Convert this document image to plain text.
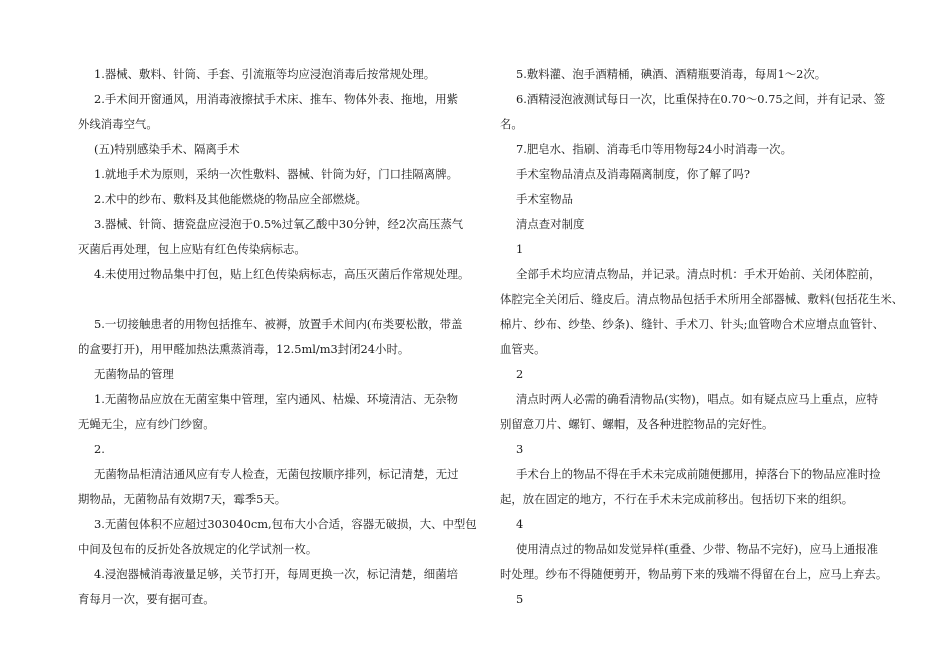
1.器械、敷料、针筒、手套、引流瓶等均应浸泡消毒后按常规处理。
2.手术间开窗通风，用消毒液擦拭手术床、推车、物体外表、拖地，用紫
外线消毒空气。
(五)特别感染手术、隔离手术
1.就地手术为原则，采纳一次性敷料、器械、针筒为好，门口挂隔离牌。
2.术中的纱布、敷料及其他能燃烧的物品应全部燃烧。
3.器械、针筒、搪瓷盘应浸泡于0.5%过氧乙酸中30分钟，经2次高压蒸气
灭菌后再处理，包上应贴有红色传染病标志。
4.未使用过物品集中打包，贴上红色传染病标志，高压灭菌后作常规处理。
5.一切接触患者的用物包括推车、被褥，放置手术间内(布类要松散，带盖
的盒要打开)，用甲醛加热法熏蒸消毒，12.5ml/m3封闭24小时。
无菌物品的管理
1.无菌物品应放在无菌室集中管理，室内通风、枯燥、环境清洁、无杂物
无蝇无尘，应有纱门纱窗。
2.
无菌物品柜清洁通风应有专人检查，无菌包按顺序排列，标记清楚，无过
期物品，无菌物品有效期7天，霉季5天。
3.无菌包体积不应超过303040cm,包布大小合适，容器无破损，大、中型包
中间及包布的反折处各放规定的化学试剂一枚。
4.浸泡器械消毒液量足够，关节打开，每周更换一次，标记清楚，细菌培
育每月一次，要有据可查。
5.敷料灌、泡手酒精桶，碘酒、酒精瓶要消毒，每周1～2次。
6.酒精浸泡液测试每日一次，比重保持在0.70～0.75之间，并有记录、签
名。
7.肥皂水、指刷、消毒毛巾等用物每24小时消毒一次。
手术室物品清点及消毒隔离制度，你了解了吗?
手术室物品
清点查对制度
1
全部手术均应清点物品，并记录。清点时机：手术开始前、关闭体腔前，
体腔完全关闭后、缝皮后。清点物品包括手术所用全部器械、敷料(包括花生米、
棉片、纱布、纱垫、纱条)、缝针、手术刀、针头;血管吻合术应增点血管针、
血管夹。
2
清点时两人必需的确看清物品(实物)，唱点。如有疑点应马上重点，应特
别留意刀片、螺钉、螺帽，及各种进腔物品的完好性。
3
手术台上的物品不得在手术未完成前随便挪用，掉落台下的物品应准时捡
起，放在固定的地方，不行在手术未完成前移出。包括切下来的组织。
4
使用清点过的物品如发觉异样(重叠、少带、物品不完好)，应马上通报准
时处理。纱布不得随便剪开，物品剪下来的残端不得留在台上，应马上弃去。
5
